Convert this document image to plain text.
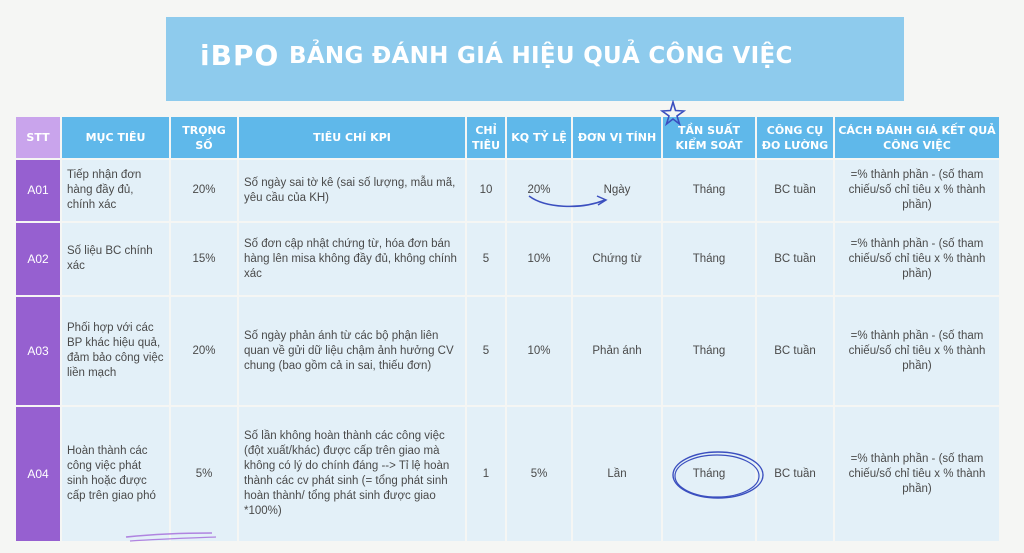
iBPO BẢNG ĐÁNH GIÁ HIỆU QUẢ CÔNG VIỆC
STT	MỤC TIÊU	TRỌNG SỐ	TIÊU CHÍ KPI	CHỈ TIÊU	KQ TỶ LỆ	ĐƠN VỊ TÍNH	TẦN SUẤT KIỂM SOÁT	CÔNG CỤ ĐO LƯỜNG	CÁCH ĐÁNH GIÁ KẾT QUẢ CÔNG VIỆC
A01	Tiếp nhận đơn hàng đầy đủ, chính xác	20%	Số ngày sai tờ kê (sai số lượng, mẫu mã, yêu cầu của KH)	10	20%	Ngày	Tháng	BC tuần	=% thành phần - (số tham chiếu/số chỉ tiêu x % thành phần)
A02	Số liệu BC chính xác	15%	Số đơn cập nhật chứng từ, hóa đơn bán hàng lên misa không đầy đủ, không chính xác	5	10%	Chứng từ	Tháng	BC tuần	=% thành phần - (số tham chiếu/số chỉ tiêu x % thành phần)
A03	Phối hợp với các BP khác hiệu quả, đảm bảo công việc liền mạch	20%	Số ngày phản ánh từ các bộ phận liên quan về gửi dữ liệu chậm ảnh hưởng CV chung (bao gồm cả in sai, thiếu đơn)	5	10%	Phản ánh	Tháng	BC tuần	=% thành phần - (số tham chiếu/số chỉ tiêu x % thành phần)
A04	Hoàn thành các công việc phát sinh hoặc được cấp trên giao phó	5%	Số lần không hoàn thành các công việc (đột xuất/khác) được cấp trên giao mà không có lý do chính đáng --> Tỉ lệ hoàn thành các cv phát sinh (= tổng phát sinh hoàn thành/ tổng phát sinh được giao *100%)	1	5%	Lần	Tháng	BC tuần	=% thành phần - (số tham chiếu/số chỉ tiêu x % thành phần)
